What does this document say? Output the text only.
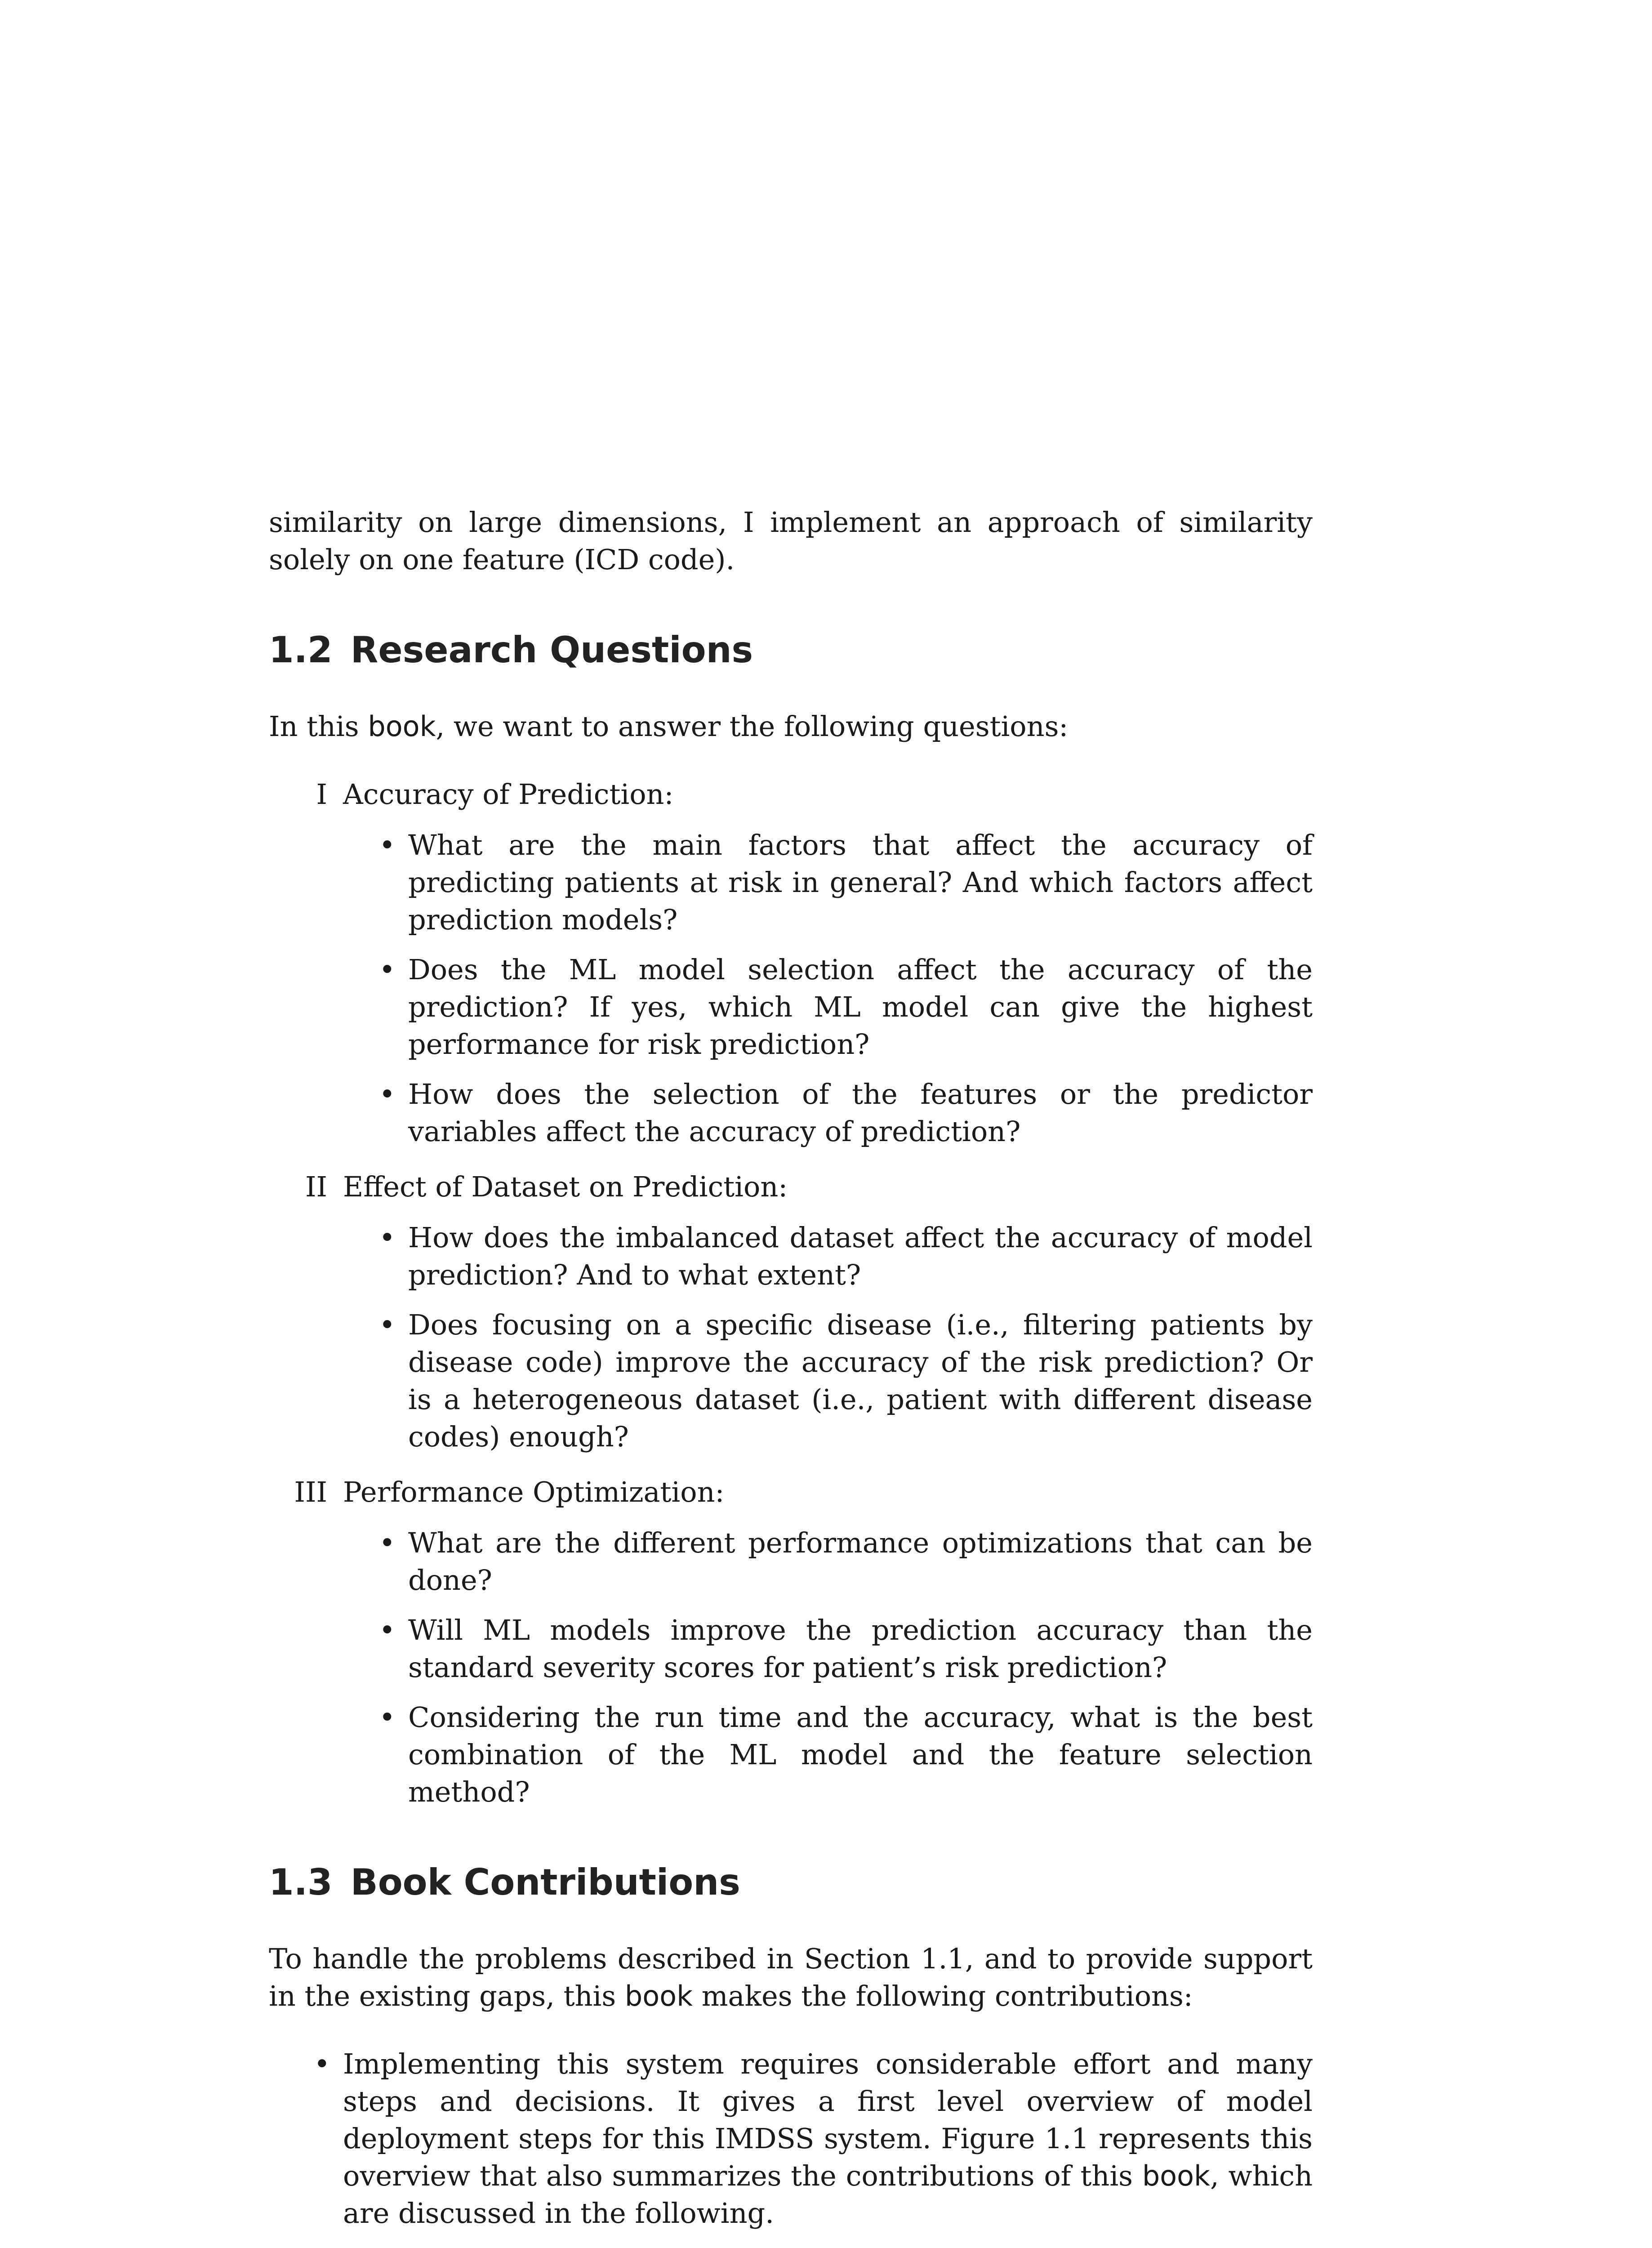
similarity on large dimensions, I implement an approach of similarity solely on one feature (ICD code).

1.2 Research Questions

In this book, we want to answer the following questions:

I Accuracy of Prediction:
• What are the main factors that affect the accuracy of predicting patients at risk in general? And which factors affect prediction models?
• Does the ML model selection affect the accuracy of the prediction? If yes, which ML model can give the highest performance for risk prediction?
• How does the selection of the features or the predictor variables affect the accuracy of prediction?
II Effect of Dataset on Prediction:
• How does the imbalanced dataset affect the accuracy of model prediction? And to what extent?
• Does focusing on a specific disease (i.e., filtering patients by disease code) improve the accuracy of the risk prediction? Or is a heterogeneous dataset (i.e., patient with different disease codes) enough?
III Performance Optimization:
• What are the different performance optimizations that can be done?
• Will ML models improve the prediction accuracy than the standard severity scores for patient’s risk prediction?
• Considering the run time and the accuracy, what is the best combination of the ML model and the feature selection method?
1.3 Book Contributions

To handle the problems described in Section 1.1, and to provide support in the existing gaps, this book makes the following contributions:

• Implementing this system requires considerable effort and many steps and decisions. It gives a first level overview of model deployment steps for this IMDSS system. Figure 1.1 represents this overview that also summarizes the contributions of this book, which are discussed in the following.
